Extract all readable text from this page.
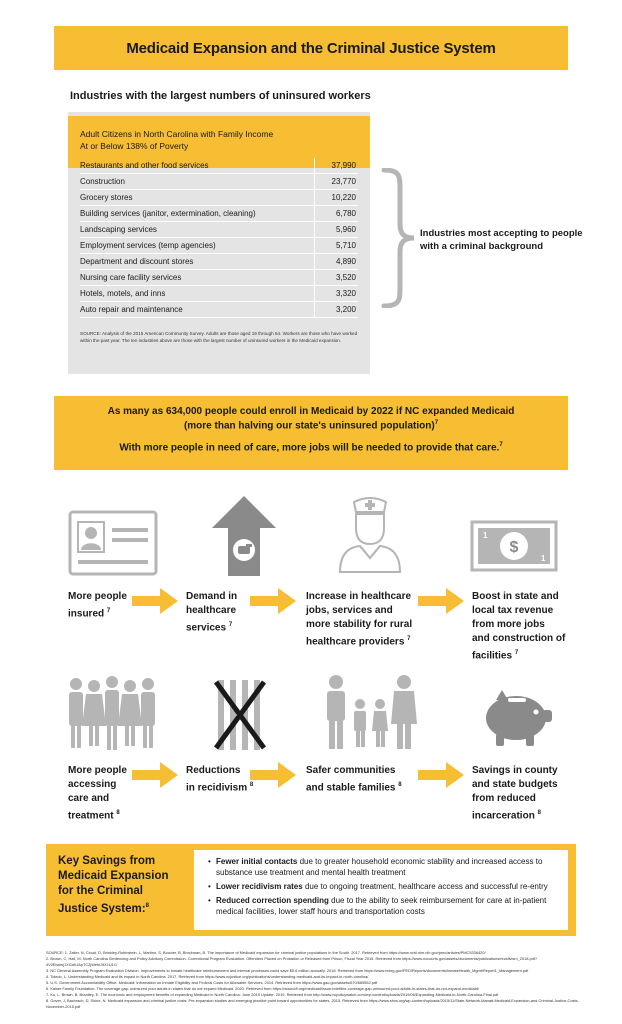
Medicaid Expansion and the Criminal Justice System
Industries with the largest numbers of uninsured workers
Adult Citizens in North Carolina with Family Income
At or Below 138% of Poverty
Restaurants and other food services	37,990
Construction	23,770
Grocery stores	10,220
Building services (janitor, extermination, cleaning)	6,780
Landscaping services	5,960
Employment services (temp agencies)	5,710
Department and discount stores	4,890
Nursing care facility services	3,520
Hotels, motels, and inns	3,320
Auto repair and maintenance	3,200
SOURCE: Analysis of the 2015 American Community Survey. Adults are those aged 19 through 64. Workers are those who have worked within the past year. The ten industries above are those with the largest number of uninsured workers in the Medicaid expansion.
Industries most accepting to people with a criminal background
As many as 634,000 people could enroll in Medicaid by 2022 if NC expanded Medicaid
(more than halving our state's uninsured population)$^7$
With more people in need of care, more jobs will be needed to provide that care.$^7$
$
1
1
More people
insured $^7$
Demand in
healthcare
services $^7$
Increase in healthcare
jobs, services and
more stability for rural
healthcare providers $^7$
Boost in state and
local tax revenue
from more jobs
and construction of
facilities $^7$
More people
accessing
care and
treatment $^8$
Reductions
in recidivism $^8$
Safer communities
and stable families $^8$
Savings in county
and state budgets
from reduced
incarceration $^8$
Key Savings from
Medicaid Expansion
for the Criminal
Justice System:$^8$
• Fewer initial contacts due to greater household economic stability and increased access to substance use treatment and mental health treatment
• Lower recidivism rates due to ongoing treatment, healthcare access and successful re-entry
• Reduced correction spending due to the ability to seek reimbursement for care at in-patient medical facilities, lower staff hours and transportation costs
SOURCE: 1. Zaller, N, Cloud, D, Brinkley-Rubinstein, L, Martino, S, Bouvier, B, Brockman, B. The importance of Medicaid expansion for criminal justice populations in the South. 2017. Retrieved from https://www.ncbi.nlm.nih.gov/pmc/articles/PMC5336420/
2. Brown, C, Hall, M. North Carolina Sentencing and Policy Advisory Commission. Correctional Program Evaluation. Offenders Placed on Probation or Released from Prison, Fiscal Year 2015. Retrieved from https://www.nccourts.gov/assets/documents/publications/recidivism_2018.pdf?4V2Ebarsj1XGdh1ApTC2jWebU9X1U1G
3. NC General Assembly Program Evaluation Division. Improvements to inmate healthcare reimbursement and internal processes could save $5.6 million annually. 2018. Retrieved from https://www.ncleg.gov/PED/Reports/documents/InmateHealth_Mgmt/Report1_Management.pdf
4. Toledo, L. Understanding Medicaid and its impact in North Carolina. 2017. Retrieved from https://www.ncjustice.org/publications/understanding-medicaid-and-its-impact-in-north-carolina/
5. U.S. Government Accountability Office. Medicaid: Information on Inmate Eligibility and Federal Costs for Allowable Services. 2014. Retrieved from https://www.gao.gov/assets/670/665552.pdf
6. Kaiser Family Foundation. The coverage gap: uninsured poor adults in states that do not expand Medicaid. 2020. Retrieved from https://www.kff.org/medicaid/issue-brief/the-coverage-gap-uninsured-poor-adults-in-states-that-do-not-expand-medicaid/
7. Ku, L, Brown, B, Brantley, E. The economic and employment benefits of expanding Medicaid in North Carolina: June 2019 Update. 2019. Retrieved from http://www.ncpolicywatch.com/wp-content/uploads/2019/06/Expanding-Medicaid-in-North-Carolina-Final.pdf
8. Gover, J, Bachrach, D, Shine, N. Medicaid expansion and criminal justice costs: Pre-expansion studies and emerging practice point toward opportunities for states. 2015. Retrieved from https://www.shvs.org/wp-content/uploads/2015/11/State-Network-Manatt-Medicaid-Expansion-and-Criminal-Justice-Costs-November-2015.pdf
